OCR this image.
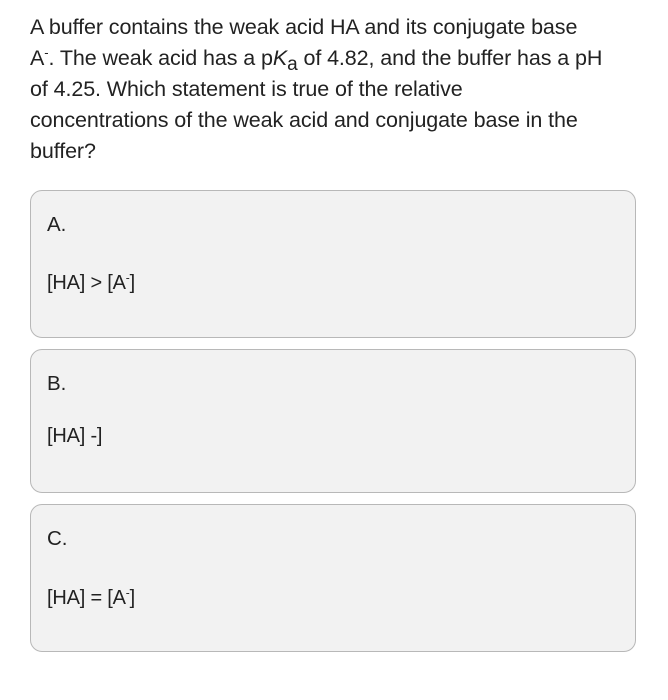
A buffer contains the weak acid HA and its conjugate base
A-. The weak acid has a pKa of 4.82, and the buffer has a pH
of 4.25. Which statement is true of the relative
concentrations of the weak acid and conjugate base in the
buffer?
A.
[HA] > [A-]
B.
[HA] -]
C.
[HA] = [A-]
